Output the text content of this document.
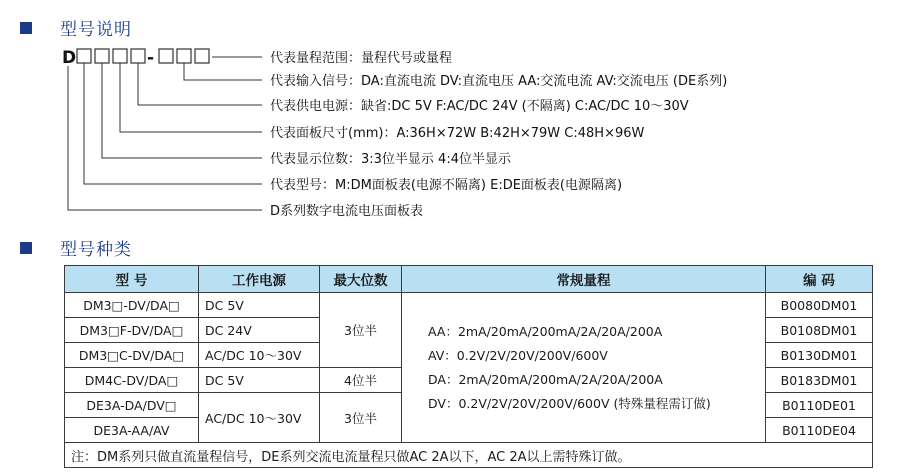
型号说明
D	-	代表量程范围：量程代号或量程
代表输入信号：DA:直流电流 DV:直流电压 AA:交流电流 AV:交流电压 (DE系列)
代表供电电源：缺省:DC 5V F:AC/DC 24V (不隔离) C:AC/DC 10～30V
代表面板尺寸(mm)：A:36H×72W B:42H×79W C:48H×96W
代表显示位数：3:3位半显示 4:4位半显示
代表型号：M:DM面板表(电源不隔离) E:DE面板表(电源隔离)
D系列数字电流电压面板表
型号种类
型 号	工作电源	最大位数	常规量程	编 码
DM3□-DV/DA□	DC 5V	3位半	AA：2mA/20mA/200mA/2A/20A/200A
AV：0.2V/2V/20V/200V/600V
DA：2mA/20mA/200mA/2A/20A/200A
DV：0.2V/2V/20V/200V/600V (特殊量程需订做)	B0080DM01
DM3□F-DV/DA□	DC 24V			B0108DM01
DM3□C-DV/DA□	AC/DC 10～30V			B0130DM01
DM4C-DV/DA□	DC 5V	4位半		B0183DM01
DE3A-DA/DV□	AC/DC 10～30V	3位半		B0110DE01
DE3A-AA/AV				B0110DE04
注：DM系列只做直流量程信号，DE系列交流电流量程只做AC 2A以下，AC 2A以上需特殊订做。				
